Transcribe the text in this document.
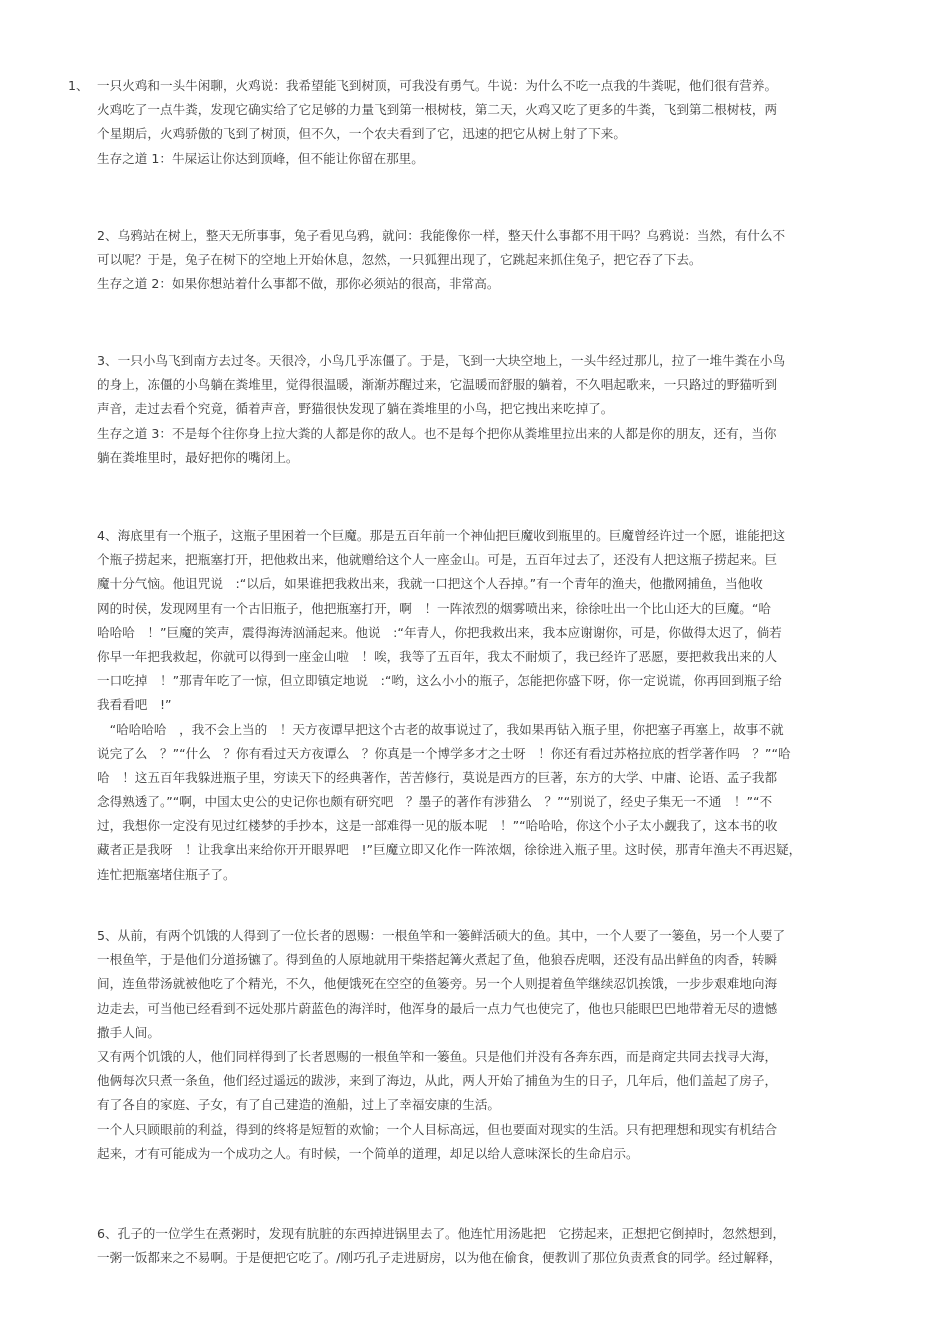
1、 一只火鸡和一头牛闲聊，火鸡说：我希望能飞到树顶，可我没有勇气。牛说：为什么不吃一点我的牛粪呢，他们很有营养。
火鸡吃了一点牛粪，发现它确实给了它足够的力量飞到第一根树枝，第二天，火鸡又吃了更多的牛粪，飞到第二根树枝，两
个星期后，火鸡骄傲的飞到了树顶，但不久，一个农夫看到了它，迅速的把它从树上射了下来。
生存之道 1：牛屎运让你达到顶峰，但不能让你留在那里。
2、乌鸦站在树上，整天无所事事，兔子看见乌鸦，就问：我能像你一样，整天什么事都不用干吗？乌鸦说：当然，有什么不
可以呢？于是，兔子在树下的空地上开始休息，忽然，一只狐狸出现了，它跳起来抓住兔子，把它吞了下去。
生存之道 2：如果你想站着什么事都不做，那你必须站的很高，非常高。
3、一只小鸟飞到南方去过冬。天很冷，小鸟几乎冻僵了。于是，飞到一大块空地上，一头牛经过那儿，拉了一堆牛粪在小鸟
的身上，冻僵的小鸟躺在粪堆里，觉得很温暖，渐渐苏醒过来，它温暖而舒服的躺着，不久唱起歌来，一只路过的野猫听到
声音，走过去看个究竟，循着声音，野猫很快发现了躺在粪堆里的小鸟，把它拽出来吃掉了。
生存之道 3：不是每个往你身上拉大粪的人都是你的敌人。也不是每个把你从粪堆里拉出来的人都是你的朋友，还有，当你
躺在粪堆里时，最好把你的嘴闭上。
4、海底里有一个瓶子，这瓶子里困着一个巨魔。那是五百年前一个神仙把巨魔收到瓶里的。巨魔曾经许过一个愿，谁能把这
个瓶子捞起来，把瓶塞打开，把他救出来，他就赠给这个人一座金山。可是，五百年过去了，还没有人把这瓶子捞起来。巨
魔十分气恼。他诅咒说　:“以后，如果谁把我救出来，我就一口把这个人吞掉。”有一个青年的渔夫，他撒网捕鱼，当他收
网的时侯，发现网里有一个古旧瓶子，他把瓶塞打开，啊　！一阵浓烈的烟雾喷出来，徐徐吐出一个比山还大的巨魔。“哈
哈哈哈　！”巨魔的笑声，震得海涛汹涌起来。他说　:“年青人，你把我救出来，我本应谢谢你，可是，你做得太迟了，倘若
你早一年把我救起，你就可以得到一座金山啦　！唉，我等了五百年，我太不耐烦了，我已经许了恶愿，要把救我出来的人
一口吃掉　！”那青年吃了一惊，但立即镇定地说　:“哟，这么小小的瓶子，怎能把你盛下呀，你一定说谎，你再回到瓶子给
我看看吧　!”
　“哈哈哈哈　，我不会上当的　！天方夜谭早把这个古老的故事说过了，我如果再钻入瓶子里，你把塞子再塞上，故事不就
说完了么　？”“什么　？你有看过天方夜谭么　？你真是一个博学多才之士呀　！你还有看过苏格拉底的哲学著作吗　？”“哈
哈　！这五百年我躲进瓶子里，穷读天下的经典著作，苦苦修行，莫说是西方的巨著，东方的大学、中庸、论语、孟子我都
念得熟透了。”“啊，中国太史公的史记你也颇有研究吧　？墨子的著作有涉猎么　？”“别说了，经史子集无一不通　！”“不
过，我想你一定没有见过红楼梦的手抄本，这是一部难得一见的版本呢　！”“哈哈哈，你这个小子太小觑我了，这本书的收
藏者正是我呀　！让我拿出来给你开开眼界吧　!”巨魔立即又化作一阵浓烟，徐徐进入瓶子里。这时侯，那青年渔夫不再迟疑，
连忙把瓶塞堵住瓶子了。
5、从前，有两个饥饿的人得到了一位长者的恩赐：一根鱼竿和一篓鲜活硕大的鱼。其中，一个人要了一篓鱼，另一个人要了
一根鱼竿，于是他们分道扬镳了。得到鱼的人原地就用干柴搭起篝火煮起了鱼，他狼吞虎咽，还没有品出鲜鱼的肉香，转瞬
间，连鱼带汤就被他吃了个精光，不久，他便饿死在空空的鱼篓旁。另一个人则提着鱼竿继续忍饥挨饿，一步步艰难地向海
边走去，可当他已经看到不远处那片蔚蓝色的海洋时，他浑身的最后一点力气也使完了，他也只能眼巴巴地带着无尽的遗憾
撒手人间。
又有两个饥饿的人，他们同样得到了长者恩赐的一根鱼竿和一篓鱼。只是他们并没有各奔东西，而是商定共同去找寻大海，
他俩每次只煮一条鱼，他们经过遥远的跋涉，来到了海边，从此，两人开始了捕鱼为生的日子，几年后，他们盖起了房子，
有了各自的家庭、子女，有了自己建造的渔船，过上了幸福安康的生活。
一个人只顾眼前的利益，得到的终将是短暂的欢愉；一个人目标高远，但也要面对现实的生活。只有把理想和现实有机结合
起来，才有可能成为一个成功之人。有时候，一个简单的道理，却足以给人意味深长的生命启示。
6、孔子的一位学生在煮粥时，发现有肮脏的东西掉进锅里去了。他连忙用汤匙把　它捞起来，正想把它倒掉时，忽然想到，
一粥一饭都来之不易啊。于是便把它吃了。/刚巧孔子走进厨房，以为他在偷食，便教训了那位负责煮食的同学。经过解释，
